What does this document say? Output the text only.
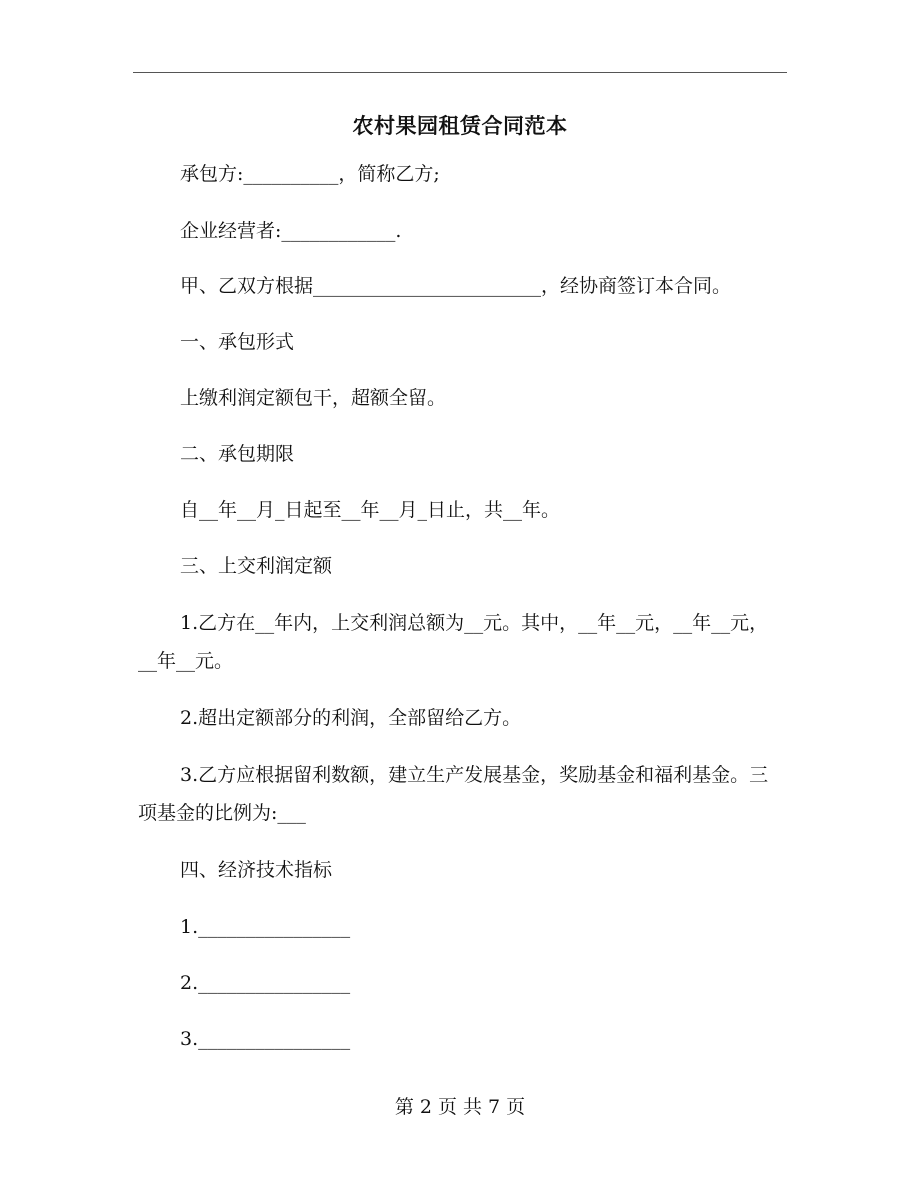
农村果园租赁合同范本

承包方:__________，简称乙方;

企业经营者:____________.

甲、乙双方根据________________________，经协商签订本合同。

一、承包形式

上缴利润定额包干，超额全留。

二、承包期限

自__年__月_日起至__年__月_日止，共__年。

三、上交利润定额

1.乙方在__年内，上交利润总额为__元。其中，__年__元，__年__元，__年__元。

2.超出定额部分的利润，全部留给乙方。

3.乙方应根据留利数额，建立生产发展基金，奖励基金和福利基金。三项基金的比例为:___

四、经济技术指标

1.________________

2.________________

3.________________

第 2 页 共 7 页
